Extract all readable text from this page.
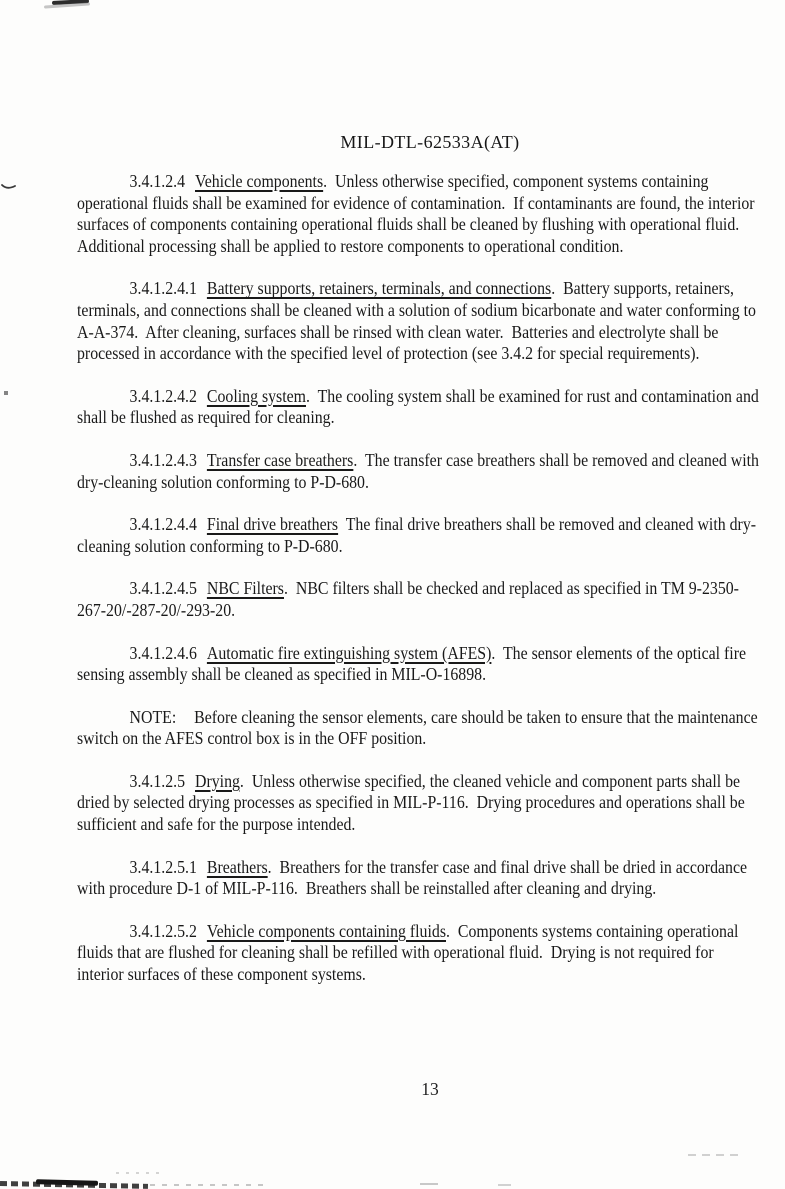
MIL-DTL-62533A(AT)

3.4.1.2.4 Vehicle components.  Unless otherwise specified, component systems containing operational fluids shall be examined for evidence of contamination.  If contaminants are found, the interior surfaces of components containing operational fluids shall be cleaned by flushing with operational fluid.  Additional processing shall be applied to restore components to operational condition.

3.4.1.2.4.1 Battery supports, retainers, terminals, and connections.  Battery supports, retainers, terminals, and connections shall be cleaned with a solution of sodium bicarbonate and water conforming to A-A-374.  After cleaning, surfaces shall be rinsed with clean water.  Batteries and electrolyte shall be processed in accordance with the specified level of protection (see 3.4.2 for special requirements).

3.4.1.2.4.2 Cooling system.  The cooling system shall be examined for rust and contamination and shall be flushed as required for cleaning.

3.4.1.2.4.3 Transfer case breathers.  The transfer case breathers shall be removed and cleaned with dry-cleaning solution conforming to P-D-680.

3.4.1.2.4.4 Final drive breathers The final drive breathers shall be removed and cleaned with dry-cleaning solution conforming to P-D-680.

3.4.1.2.4.5 NBC Filters.  NBC filters shall be checked and replaced as specified in TM 9-2350-267-20/-287-20/-293-20.

3.4.1.2.4.6 Automatic fire extinguishing system (AFES).  The sensor elements of the optical fire sensing assembly shall be cleaned as specified in MIL-O-16898.

NOTE: Before cleaning the sensor elements, care should be taken to ensure that the maintenance switch on the AFES control box is in the OFF position.

3.4.1.2.5 Drying.  Unless otherwise specified, the cleaned vehicle and component parts shall be dried by selected drying processes as specified in MIL-P-116.  Drying procedures and operations shall be sufficient and safe for the purpose intended.

3.4.1.2.5.1 Breathers.  Breathers for the transfer case and final drive shall be dried in accordance with procedure D-1 of MIL-P-116.  Breathers shall be reinstalled after cleaning and drying.

3.4.1.2.5.2 Vehicle components containing fluids.  Components systems containing operational fluids that are flushed for cleaning shall be refilled with operational fluid.  Drying is not required for interior surfaces of these component systems.

13
